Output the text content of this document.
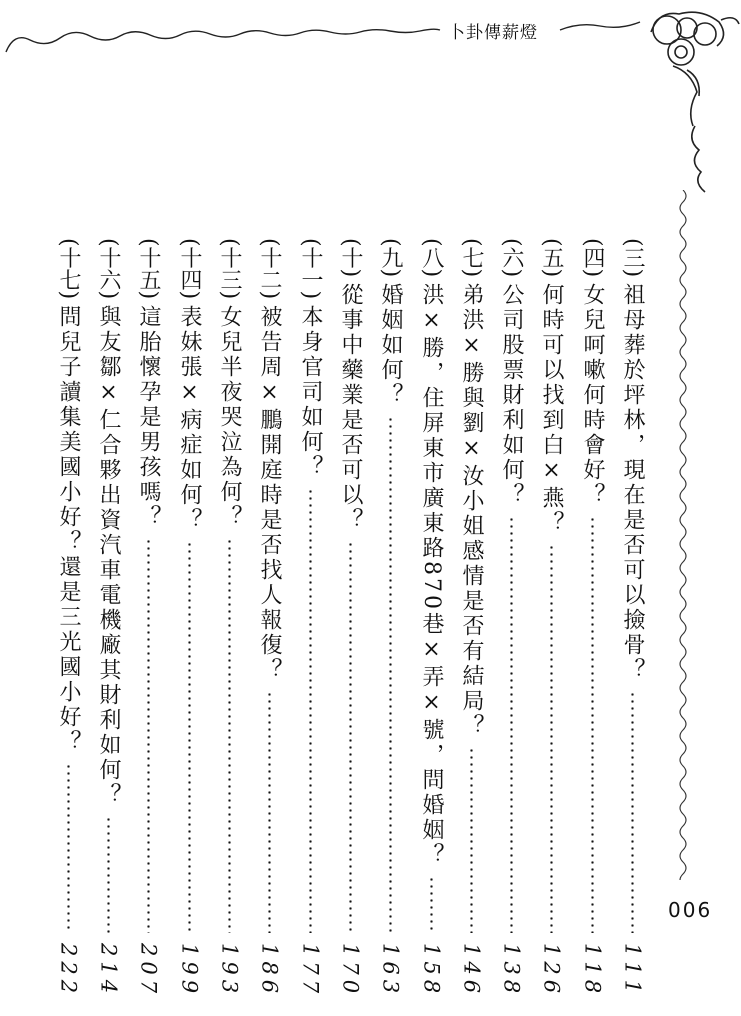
卜卦傳薪燈
006
(三)
祖母葬於坪林，現在是否可以撿骨？
111
(四)
女兒呵嗽何時會好？
118
(五)
何時可以找到白×燕？
126
(六)
公司股票財利如何？
138
(七)
弟洪×勝與劉×汝小姐感情是否有結局？
146
(八)
洪×勝，住屏東市廣東路870巷×弄×號，問婚姻？
158
(九)
婚姻如何？
163
(十)
從事中藥業是否可以？
170
(十一)
本身官司如何？
177
(十二)
被告周×鵬開庭時是否找人報復？
186
(十三)
女兒半夜哭泣為何？
193
(十四)
表妹張×病症如何？
199
(十五)
這胎懷孕是男孩嗎？
207
(十六)
與友鄒×仁合夥出資汽車電機廠其財利如何？
214
(十七)
問兒子讀集美國小好？還是三光國小好？
222
